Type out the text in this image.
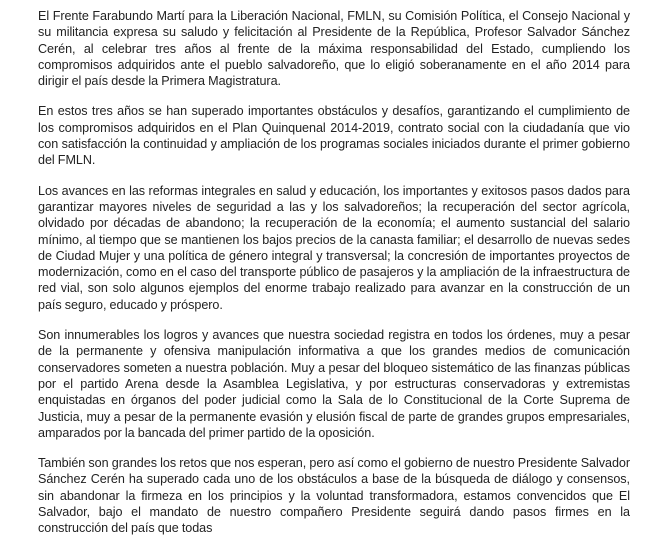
El Frente Farabundo Martí para la Liberación Nacional, FMLN, su Comisión Política, el Consejo Nacional y su militancia expresa su saludo y felicitación al Presidente de la República, Profesor Salvador Sánchez Cerén, al celebrar tres años al frente de la máxima responsabilidad del Estado, cumpliendo los compromisos adquiridos ante el pueblo salvadoreño, que lo eligió soberanamente en el año 2014 para dirigir el país desde la Primera Magistratura.

En estos tres años se han superado importantes obstáculos y desafíos, garantizando el cumplimiento de los compromisos adquiridos en el Plan Quinquenal 2014-2019, contrato social con la ciudadanía que vio con satisfacción la continuidad y ampliación de los programas sociales iniciados durante el primer gobierno del FMLN.

Los avances en las reformas integrales en salud y educación, los importantes y exitosos pasos dados para garantizar mayores niveles de seguridad a las y los salvadoreños; la recuperación del sector agrícola, olvidado por décadas de abandono; la recuperación de la economía; el aumento sustancial del salario mínimo, al tiempo que se mantienen los bajos precios de la canasta familiar; el desarrollo de nuevas sedes de Ciudad Mujer y una política de género integral y transversal; la concresión de importantes proyectos de modernización, como en el caso del transporte público de pasajeros y la ampliación de la infraestructura de red vial, son solo algunos ejemplos del enorme trabajo realizado para avanzar en la construcción de un país seguro, educado y próspero.

Son innumerables los logros y avances que nuestra sociedad registra en todos los órdenes, muy a pesar de la permanente y ofensiva manipulación informativa a que los grandes medios de comunicación conservadores someten a nuestra población. Muy a pesar del bloqueo sistemático de las finanzas públicas por el partido Arena desde la Asamblea Legislativa, y por estructuras conservadoras y extremistas enquistadas en órganos del poder judicial como la Sala de lo Constitucional de la Corte Suprema de Justicia, muy a pesar de la permanente evasión y elusión fiscal de parte de grandes grupos empresariales, amparados por la bancada del primer partido de la oposición.

También son grandes los retos que nos esperan, pero así como el gobierno de nuestro Presidente Salvador Sánchez Cerén ha superado cada uno de los obstáculos a base de la búsqueda de diálogo y consensos, sin abandonar la firmeza en los principios y la voluntad transformadora, estamos convencidos que El Salvador, bajo el mandato de nuestro compañero Presidente seguirá dando pasos firmes en la construcción del país que todas
